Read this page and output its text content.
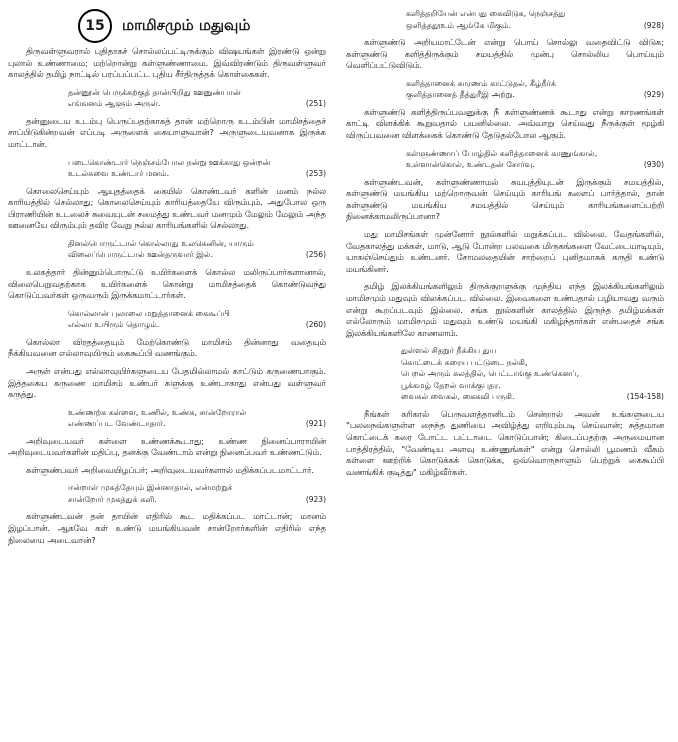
15	மாமிசமும் மதுவும்

திருவள்ளுவரால் புதிதாகச் சொல்லப்பட்டிருக்கும் விஷயங்கள் இரண்டு ஒன்று புலால் உண்ணாமை; மற்றொன்று கள்ளுண்ணாமை. இவ்விரண்டும் திருவள்ளுவர் காலத்தில் தமிழ் நாட்டில் பரப்பப்பட்ட புதிய சீர்திருத்தக் கொள்கைகள்.

தன்னூன் பெருக்கற்குத் தான்பிறிது ஊனுண்பான்
எங்ஙனம் ஆளும் அருள்.	(251)

தன்னுடைய உடம்பு பெருப்பதற்காகத் தான் மற்றொரு உடம்பின் மாமிசத்தைச் சாப்பிடுகின்றவன் எப்படி அருளைக் கையாளுவான்? அருளுடையவனாக இருக்க மாட்டான்.

படைகொண்டார் நெஞ்சம்போல நன்று ஊக்காது ஒன்றன்
உடல்சுவை உண்டார் மனம்.	(253)

கொலைசெய்யும் ஆயுதத்தைக் கையில் கொண்டவர் களின் மனம் நல்ல காரியத்தில் செல்லாது; கொலைசெய்யும் காரியத்தையே விரும்பும். அதுபோல ஒரு பிராணியின் உடலைச் சுவையுடன் சமைத்து உண்டவர் மனமும் மேலும் மேலும் அந்த ஊனையே விரும்பும் தவிர வேறு நல்ல காரியங்களில் செல்லாது.

தினல்பொருட்டால் கொல்லாது உலகெனின், யாரும்
விலைப்பொருட்டால் ஊன்தருவார் இல்.	(256)

உலகத்தார் தின்னும்பொருட்டு உயிர்களைக் கொல்ல மலிருப்பார்களானால், விலைபெறுவதற்காக உயிர்களைக் கொன்று மாமிசத்தைக் கொண்டுவந்து கொடுப்பவர்கள் ஒருவரும் இருக்கமாட்டார்கள்.

கொல்லான் புலாலை மறுத்தானைக் கைகூப்பி
எல்லா உயிரும் தொழும்.	(260)

கொல்லா விரதத்தையும் மேற்கொண்டு மாமிசம் தின்னாது வதையும் நீக்கியவனை எல்லாவுயிரும் கைகூப்பி வணங்கும்.

அருள் என்பது எல்லாவுயிர்களுடைய பேதமில்லாமல் காட்டும் கருணையாகும். இத்தகைய கருணை மாமிசம் உண்பர் களுக்கு உண்டாகாது என்பது வள்ளுவர் கருத்து.

உண்ணற்க கள்ளை, உணில், உண்க, சான்றோரால்
எண்ணப்பட வேண்டாதார்.	(921)

அறிவுடையவர் கள்ளை உண்ணக்கூடாது; உண்ண நினைப்பாராயின் அறிவுடையவர்களின் மதிப்பு, தனக்கு வேண்டாம் என்று நினைப்பவர் உண்ணட்டும்.

கள்ளுண்பவர் அறிவையிழப்பர்; அறிவுடையவர்களால் மதிக்கப்படமாட்டார்.

ஈன்றாள் முகத்தேயும் இன்னாதால், என்மற்றுச்
சான்றோர் முகத்துக் களி.	(923)

கள்ளுண்டவன் தன் தாயின் எதிரில் கூட மதிக்கப்பட மாட்டான்; மானம் இழப்பான். ஆகவே கள் உண்டு மயங்கியவன் சான்றோர்களின் எதிரில் எந்த நிலையை அடைவான்?

களித்தறியேன் என்பது கைவிடுக, நெஞ்சத்து
ஒளித்ததூஉம் ஆங்கே மிகும்.	(928)

கள்ளுண்டு அறியமாட்டேன் என்று பொய் சொல்லு வதைவிட்டு விடுக; கள்ளுண்டு களித்திருக்கும் சமயத்தில் முன்பு சொல்லிய பொய்யும் வெளிப்பட்டுவிடும்.

களித்தானைக் காரணம் காட்டுதல், கீழ்நீர்க்
குளித்தானைத் தீத்துரீஇ அற்று.	(929)

கள்ளுண்டு களித்திருப்பவனுக்கு நீ கள்ளுண்ணக் கூடாது என்று காரணங்கள் காட்டி விளக்கிக் கூறுவதால் பயனில்லை. அவ்வாறு செய்வது நீருக்குள் மூழ்கி விருப்பவனை விளக்கைக் கொண்டு தேடுதல்போல ஆகும்.

கள்ளுண்ணாப் போழ்தில் களித்தானைக் காணுங்கால்,
உள்ளான்கொல், உண்டதன் சோர்வு.	(930)

கள்ளுண்டவன், கள்ளுண்ணாமல் சுயபுத்தியுடன் இருக்கும் சமயத்தில், கள்ளுண்டு மயங்கிய மற்றொருவன் செய்யும் காரியங் களைப் பார்த்தால், தான் கள்ளுண்டு மயங்கிய சமயத்தில் செய்யும் காரியங்களைப்பற்றி நினைக்காமலிருப்பானா?

மது மாமிசங்கள் முன்னோர் நூல்களில் மறுக்கப்பட வில்லை. வேதங்களில், வேதகாலத்து மக்கள், மாடு, ஆடு போன்ற பலவகை மிருகங்களை வேட்டையாடியும், யாகஞ்செய்தும் உண்டனர். சோமலதையின் சாற்றைப் புனிதமாகக் கருதி உண்டு மயங்கினர்.

தமிழ் இலக்கியங்களிலும் திருக்குறளுக்கு முந்திய எந்த இலக்கியங்களிலும் மாமிசமும் மதுவும் விலக்கப்பட வில்லை. இவைகளை உண்பதால் பழியாவது வரும் என்று கூறப்படவும் இல்லை. சங்க நூல்களின் காலத்தில் இருந்த தமிழ்மக்கள் எல்லோரும் மாமிசமும் மதுவும் உண்டு மயங்கி மகிழ்ந்தார்கள் என்பதைச் சங்க இலக்கியங்களிலே காணலாம்.

துள்ளல் சிதறுர் நீக்கிய துய
கொட்டைக் கரைய பட்டுடை நல்கி,
பெறல் அரும் கலத்தில், பெட்டாங்கு உண்கெனப்,
பூக்கமழ் தேறல் வாக்குபுதர.
வைகல் வைகல், கைகவி பருகி.	(154-158)

நீங்கள் கரிகால் பெருவளத்தானிடம் சென்றால் அவன் உங்களுடைய "பலநைவ்களுள்ள நைந்த துணியை அவிழ்த்து எறியும்படி செய்வான்; சுத்தமான கொட்டைக் கரை போட்ட பட்டாடை கொடுப்பான்; கிடைப்பதற்கு அருமையான பாத்திரத்தில், "வேண்டிய அளவு உண்ணுங்கள்" என்று சொல்லி பூமணம் வீசும் கள்ளை ஊற்றிக் கொடுக்கக் கொடுக்க, ஒவ்வொருநாளும் பெற்றுக் கைகூப்பி வணங்கிக் குடித்து" மகிழ்வீர்கள்.
